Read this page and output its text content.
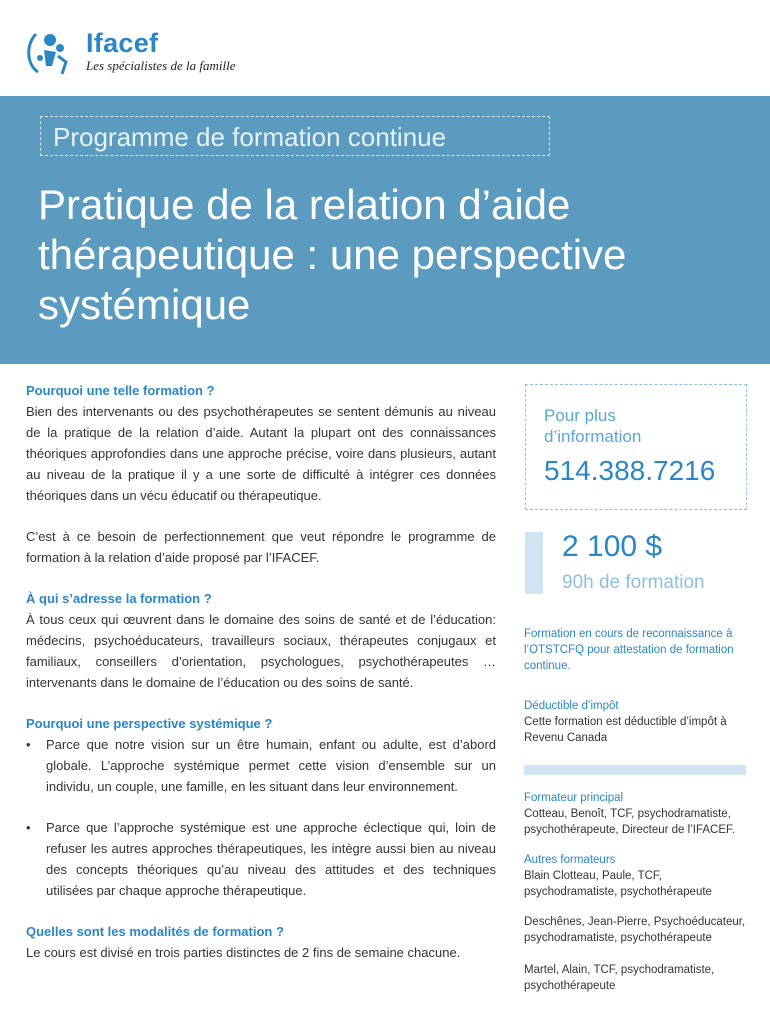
Ifacef
Les spécialistes de la famille
Programme de formation continue
Pratique de la relation d’aide
thérapeutique : une perspective
systémique

Pourquoi une telle formation ?

Bien des intervenants ou des psychothérapeutes se sentent démunis au niveau de la pratique de la relation d’aide. Autant la plupart ont des connaissances théoriques approfondies dans une approche précise, voire dans plusieurs, autant au niveau de la pratique il y a une sorte de difficulté à intégrer ces données théoriques dans un vécu éducatif ou thérapeutique.

C’est à ce besoin de perfectionnement que veut répondre le programme de formation à la relation d’aide proposé par l’IFACEF.

À qui s’adresse la formation ?

À tous ceux qui œuvrent dans le domaine des soins de santé et de l’éducation: médecins, psychoéducateurs, travailleurs sociaux, thérapeutes conjugaux et familiaux, conseillers d’orientation, psychologues, psychothérapeutes … intervenants dans le domaine de l’éducation ou des soins de santé.

Pourquoi une perspective systémique ?

• Parce que notre vision sur un être humain, enfant ou adulte, est d’abord globale. L’approche systémique permet cette vision d’ensemble sur un individu, un couple, une famille, en les situant dans leur environnement.

• Parce que l’approche systémique est une approche éclectique qui, loin de refuser les autres approches thérapeutiques, les intègre aussi bien au niveau des concepts théoriques qu’au niveau des attitudes et des techniques utilisées par chaque approche thérapeutique.

Quelles sont les modalités de formation ?

Le cours est divisé en trois parties distinctes de 2 fins de semaine chacune.

Pour plus d’information
514.388.7216
2 100 $
90h de formation
Formation en cours de reconnaissance à l’OTSTCFQ pour attestation de formation continue.
Déductible d’impôt
Cette formation est déductible d’impôt à Revenu Canada
Formateur principal
Cotteau, Benoît, TCF, psychodramatiste, psychothérapeute, Directeur de l’IFACEF.
Autres formateurs
Blain Clotteau, Paule, TCF, psychodramatiste, psychothérapeute
Deschênes, Jean-Pierre, Psychoéducateur, psychodramatiste, psychothérapeute
Martel, Alain, TCF, psychodramatiste, psychothérapeute
